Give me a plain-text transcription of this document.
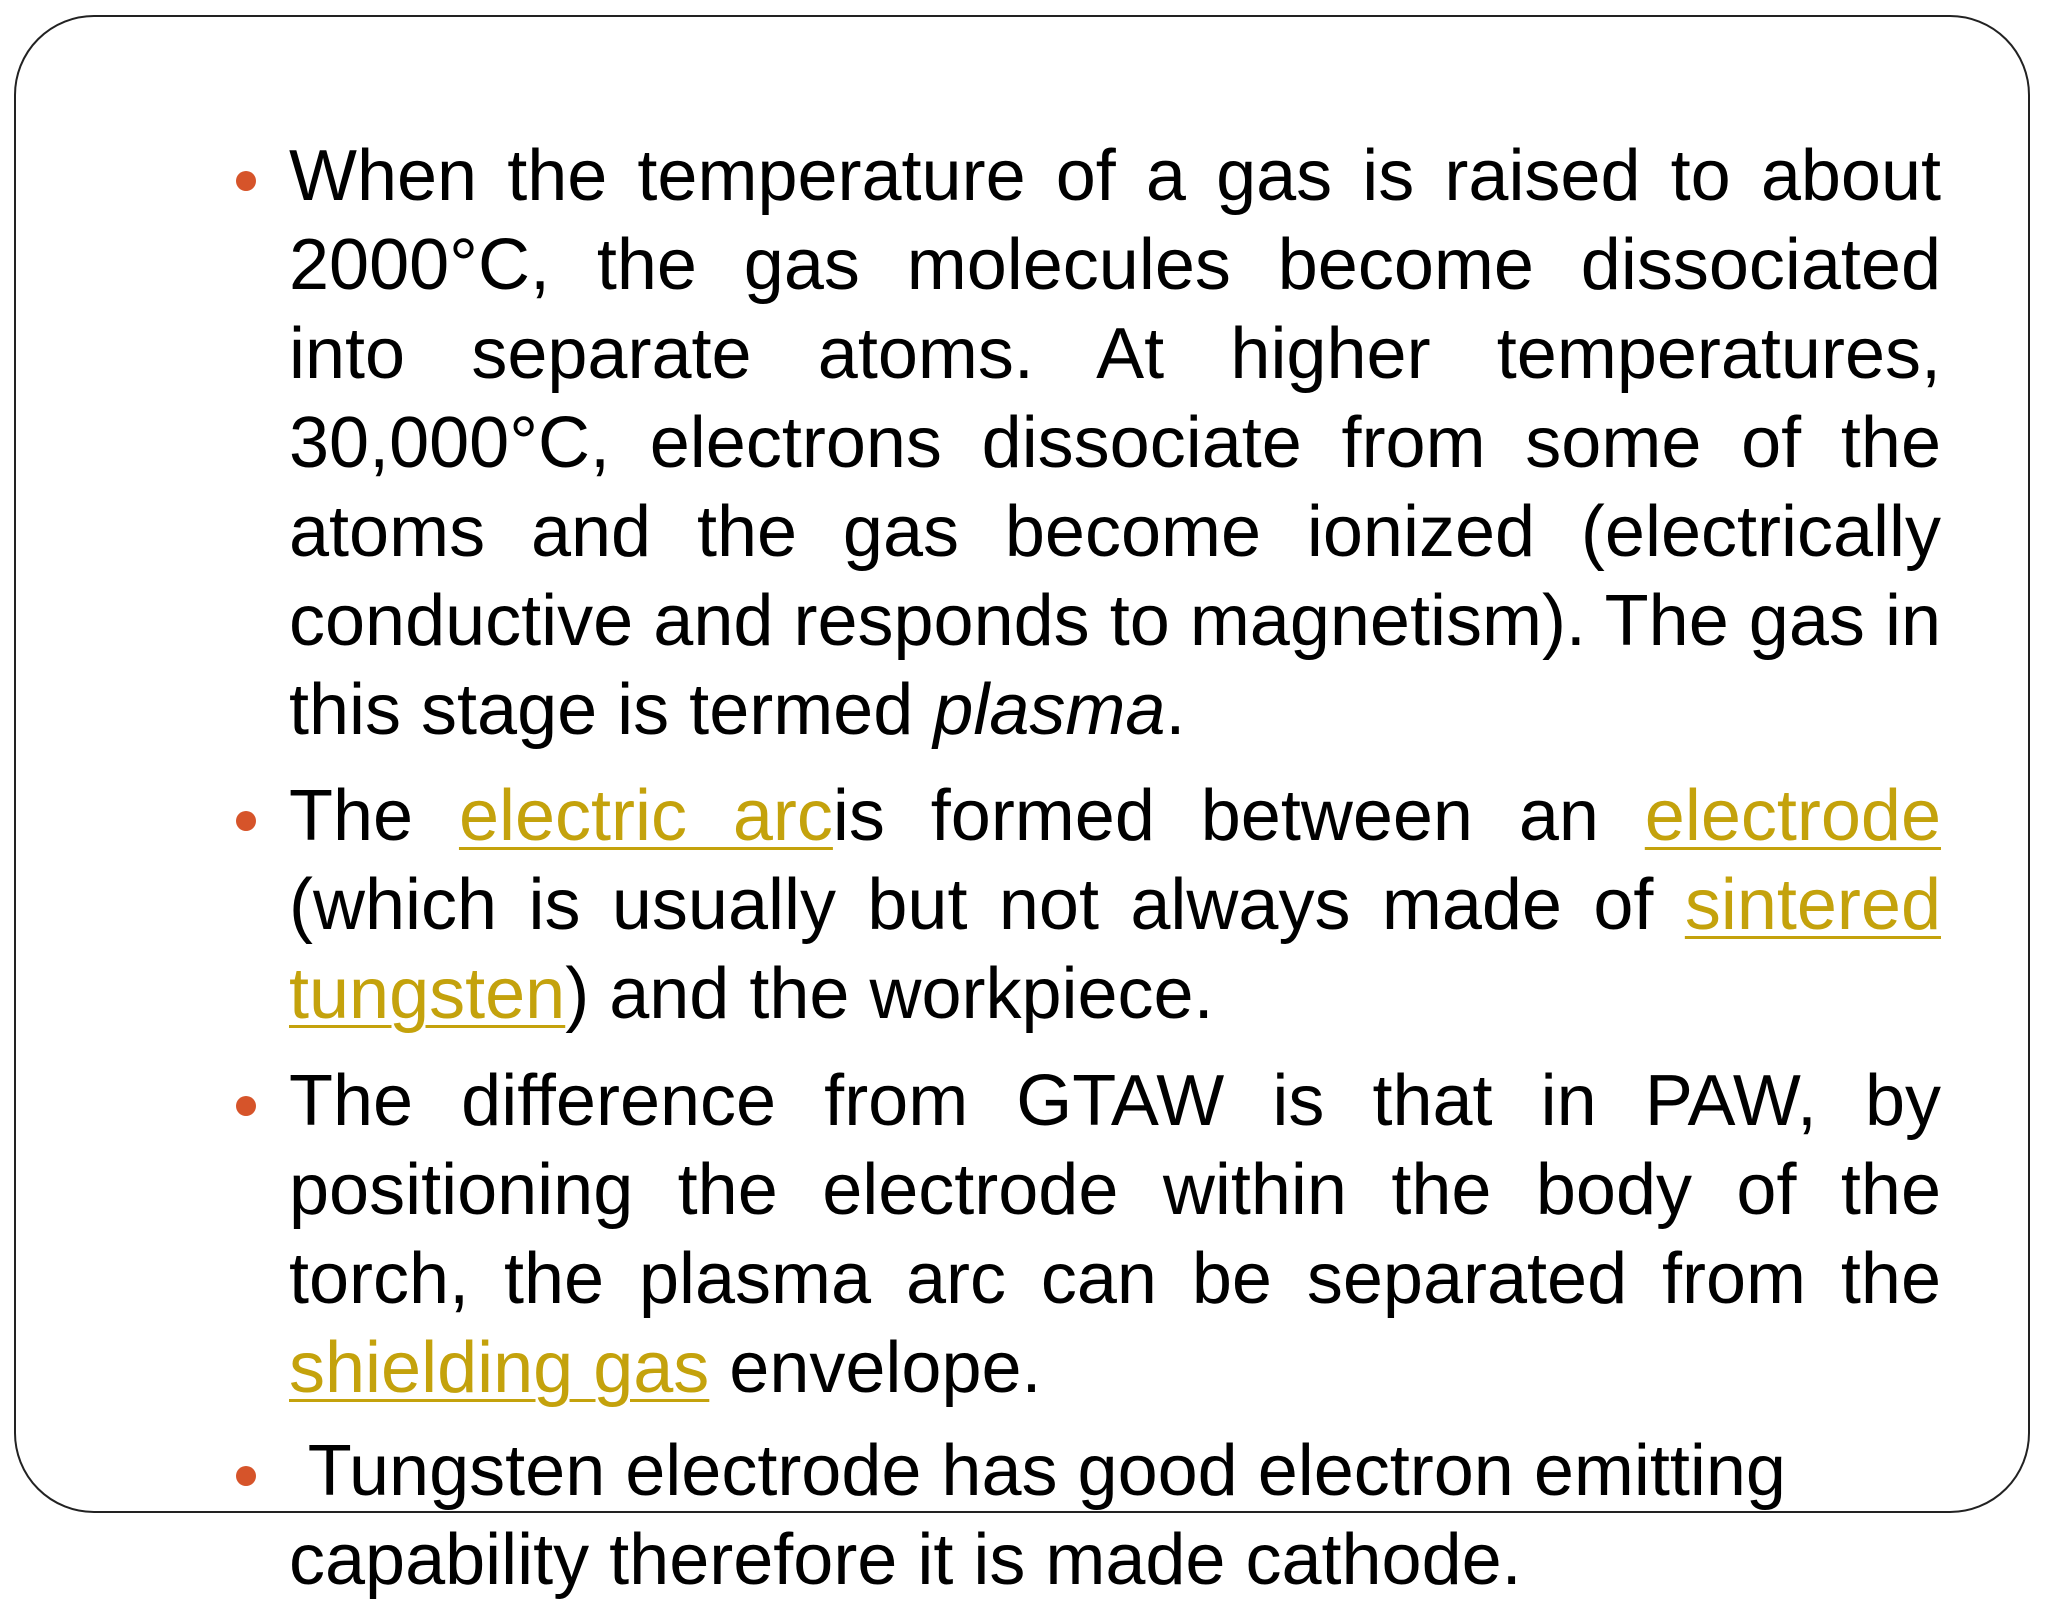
When the temperature of a gas is raised to about 2000°C, the gas molecules become dissociated into separate atoms. At higher temperatures, 30,000°C, electrons dissociate from some of the atoms and the gas become ionized (electrically conductive and responds to magnetism). The gas in this stage is termed plasma.
The electric arcis formed between an electrode (which is usually but not always made of sintered tungsten) and the workpiece.
The difference from GTAW is that in PAW, by positioning the electrode within the body of the torch, the plasma arc can be separated from the shielding gas envelope.
Tungsten electrode has good electron emitting
capability therefore it is made cathode.
